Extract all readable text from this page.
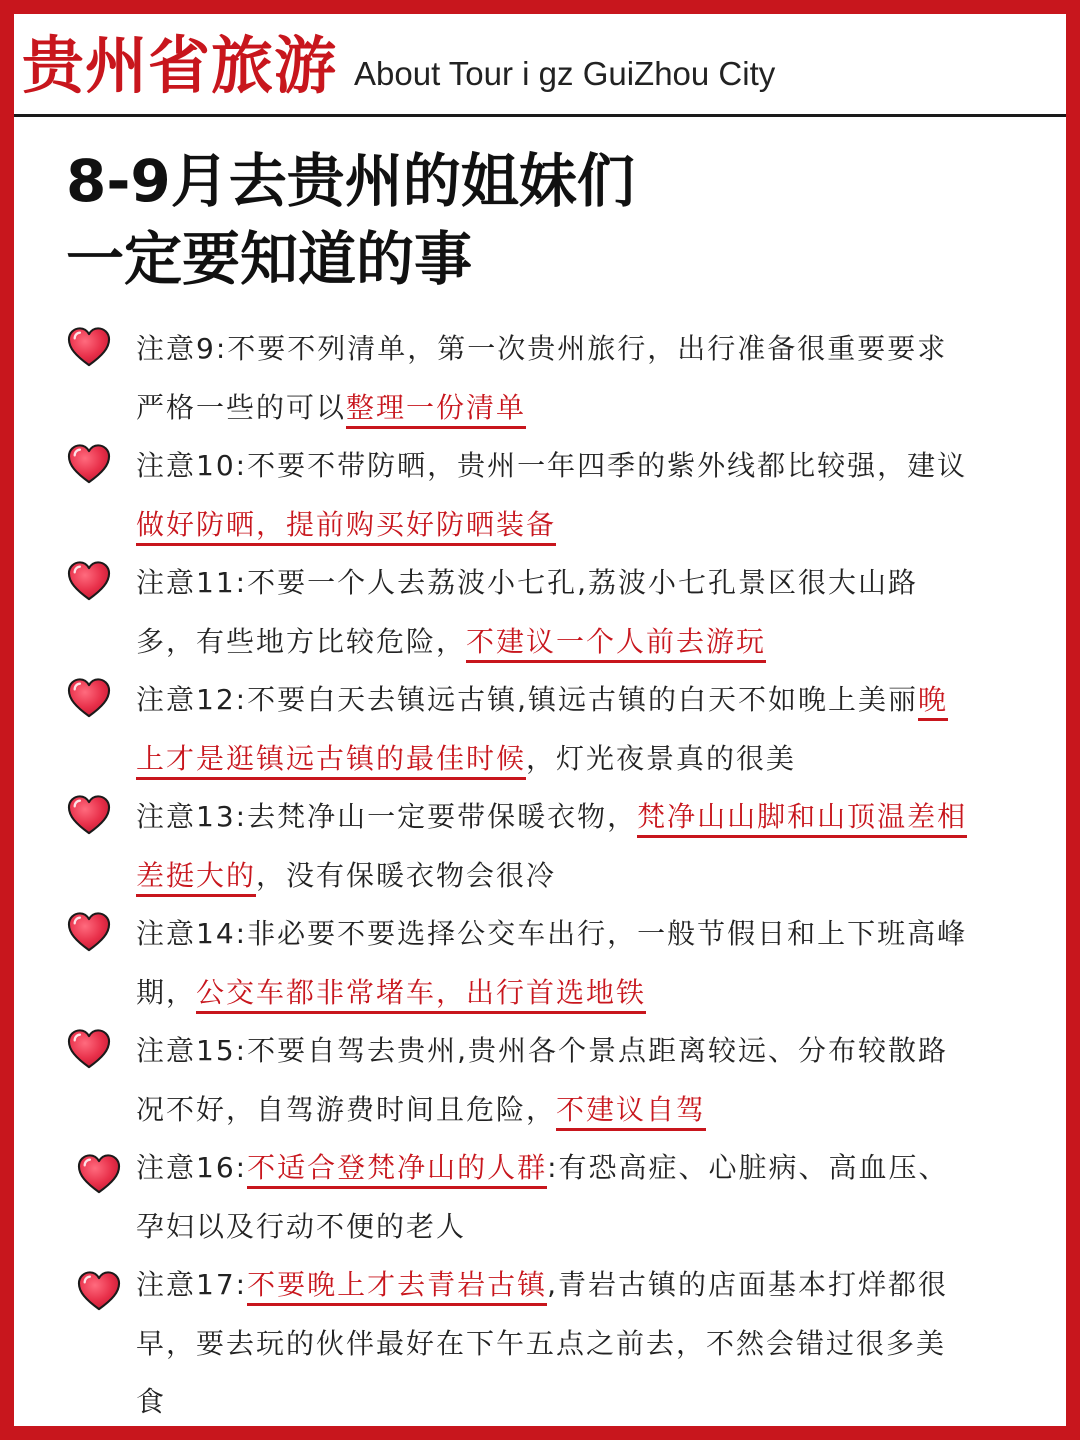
贵州省旅游 About Tour i gz GuiZhou City
8-9月去贵州的姐妹们
一定要知道的事
注意9:不要不列清单，第一次贵州旅行，出行准备很重要要求严格一些的可以整理一份清单
注意10:不要不带防晒，贵州一年四季的紫外线都比较强，建议做好防晒，提前购买好防晒装备
注意11:不要一个人去荔波小七孔,荔波小七孔景区很大山路多，有些地方比较危险，不建议一个人前去游玩
注意12:不要白天去镇远古镇,镇远古镇的白天不如晚上美丽晚上才是逛镇远古镇的最佳时候，灯光夜景真的很美
注意13:去梵净山一定要带保暖衣物，梵净山山脚和山顶温差相差挺大的，没有保暖衣物会很冷
注意14:非必要不要选择公交车出行，一般节假日和上下班高峰期，公交车都非常堵车，出行首选地铁
注意15:不要自驾去贵州,贵州各个景点距离较远、分布较散路况不好，自驾游费时间且危险，不建议自驾
注意16:不适合登梵净山的人群:有恐高症、心脏病、高血压、孕妇以及行动不便的老人
注意17:不要晚上才去青岩古镇,青岩古镇的店面基本打烊都很早，要去玩的伙伴最好在下午五点之前去，不然会错过很多美食
